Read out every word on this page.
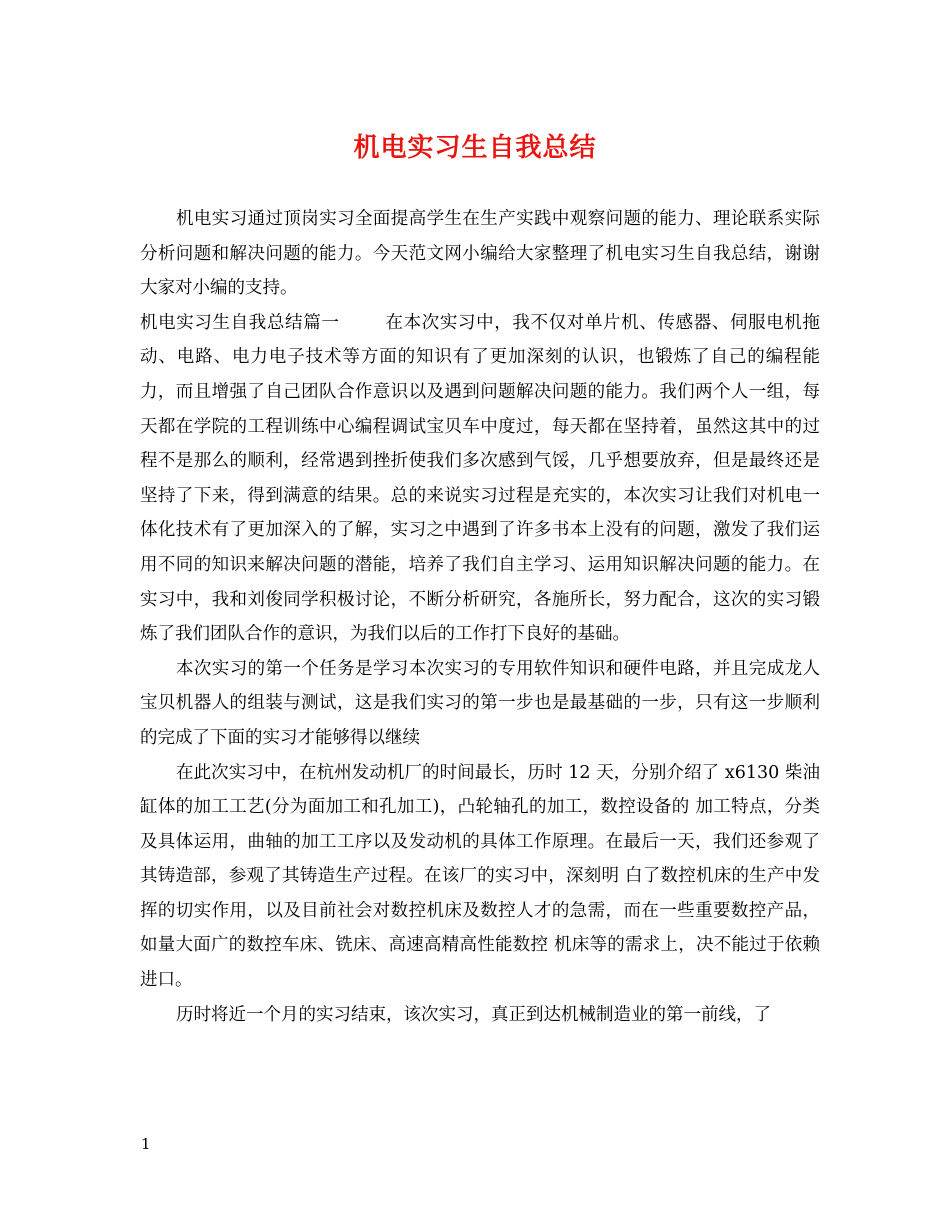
机电实习生自我总结

机电实习通过顶岗实习全面提高学生在生产实践中观察问题的能力、理论联系实际分析问题和解决问题的能力。今天范文网小编给大家整理了机电实习生自我总结，谢谢大家对小编的支持。

机电实习生自我总结篇一	在本次实习中，我不仅对单片机、传感器、伺服电机拖动、电路、电力电子技术等方面的知识有了更加深刻的认识，也锻炼了自己的编程能力，而且增强了自己团队合作意识以及遇到问题解决问题的能力。我们两个人一组，每天都在学院的工程训练中心编程调试宝贝车中度过，每天都在坚持着，虽然这其中的过程不是那么的顺利，经常遇到挫折使我们多次感到气馁，几乎想要放弃，但是最终还是坚持了下来，得到满意的结果。总的来说实习过程是充实的，本次实习让我们对机电一体化技术有了更加深入的了解，实习之中遇到了许多书本上没有的问题，激发了我们运用不同的知识来解决问题的潜能，培养了我们自主学习、运用知识解决问题的能力。在实习中，我和刘俊同学积极讨论，不断分析研究，各施所长，努力配合，这次的实习锻炼了我们团队合作的意识，为我们以后的工作打下良好的基础。

本次实习的第一个任务是学习本次实习的专用软件知识和硬件电路，并且完成龙人宝贝机器人的组装与测试，这是我们实习的第一步也是最基础的一步，只有这一步顺利的完成了下面的实习才能够得以继续

在此次实习中，在杭州发动机厂的时间最长，历时 12 天，分别介绍了 x6130 柴油缸体的加工工艺(分为面加工和孔加工)，凸轮轴孔的加工，数控设备的 加工特点，分类及具体运用，曲轴的加工工序以及发动机的具体工作原理。在最后一天，我们还参观了其铸造部，参观了其铸造生产过程。在该厂的实习中，深刻明 白了数控机床的生产中发挥的切实作用，以及目前社会对数控机床及数控人才的急需，而在一些重要数控产品，如量大面广的数控车床、铣床、高速高精高性能数控 机床等的需求上，决不能过于依赖进口。

历时将近一个月的实习结束，该次实习，真正到达机械制造业的第一前线，了

1
